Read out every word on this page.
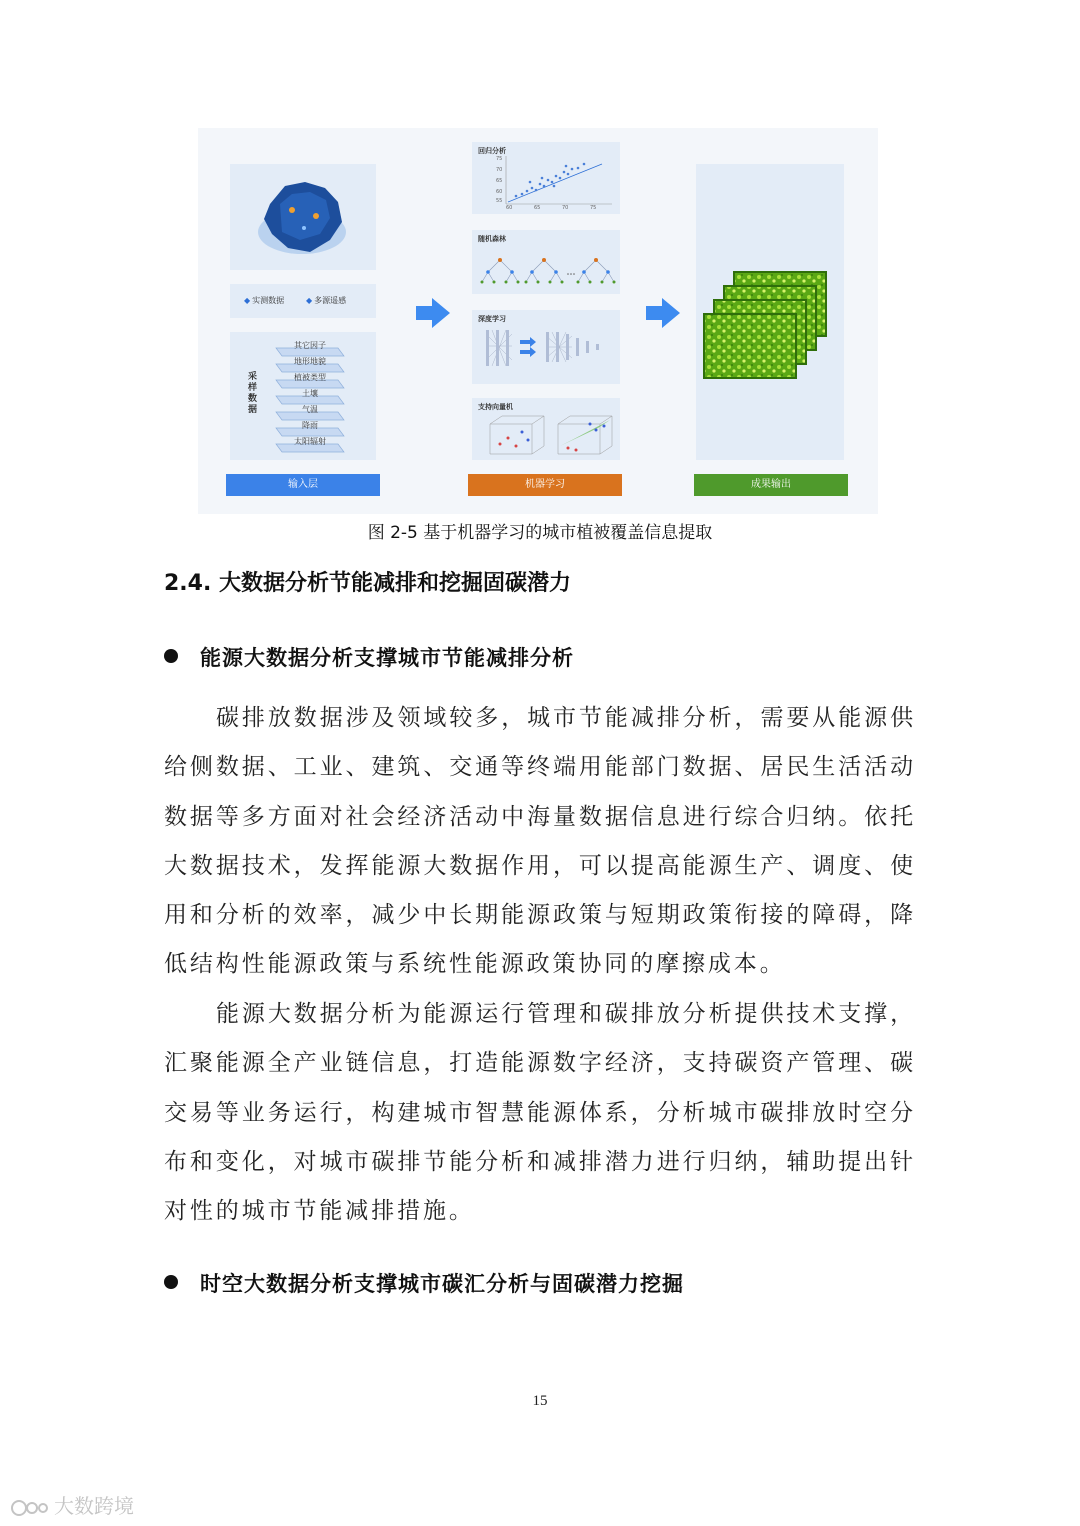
◆ 实测数据	◆ 多源遥感
采样数据
其它因子
地形地貌
植被类型
土壤
气温
降雨
太阳辐射
输入层
回归分析
60	65	70	75
75
70
65
60
55
随机森林
深度学习
支持向量机
机器学习	成果输出
图 2-5 基于机器学习的城市植被覆盖信息提取
2.4. 大数据分析节能减排和挖掘固碳潜力
能源大数据分析支撑城市节能减排分析

碳排放数据涉及领域较多，城市节能减排分析，需要从能源供给侧数据、工业、建筑、交通等终端用能部门数据、居民生活活动数据等多方面对社会经济活动中海量数据信息进行综合归纳。依托大数据技术，发挥能源大数据作用，可以提高能源生产、调度、使用和分析的效率，减少中长期能源政策与短期政策衔接的障碍，降低结构性能源政策与系统性能源政策协同的摩擦成本。

能源大数据分析为能源运行管理和碳排放分析提供技术支撑，汇聚能源全产业链信息，打造能源数字经济，支持碳资产管理、碳交易等业务运行，构建城市智慧能源体系，分析城市碳排放时空分布和变化，对城市碳排节能分析和减排潜力进行归纳，辅助提出针对性的城市节能减排措施。

时空大数据分析支撑城市碳汇分析与固碳潜力挖掘
15
大数跨境
